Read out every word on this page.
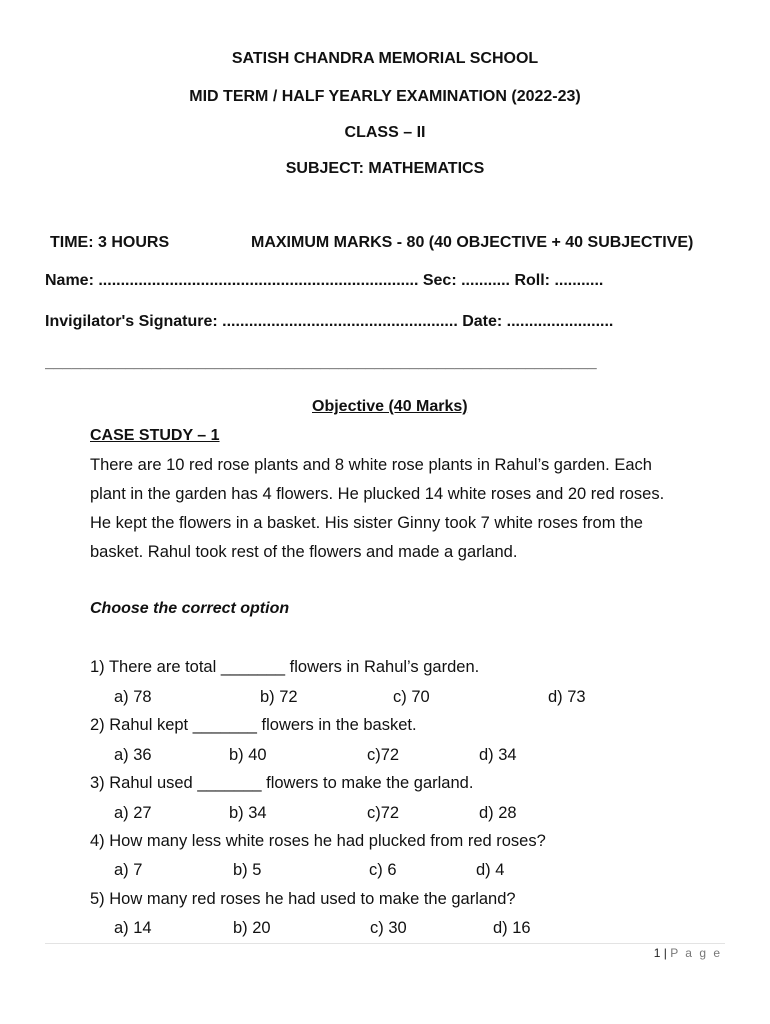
SATISH CHANDRA MEMORIAL SCHOOL
MID TERM / HALF YEARLY EXAMINATION (2022-23)
CLASS – II
SUBJECT: MATHEMATICS
TIME: 3 HOURS	MAXIMUM MARKS - 80 (40 OBJECTIVE + 40 SUBJECTIVE)
Name: ........................................................................ Sec: ........... Roll: ...........
Invigilator's Signature: ..................................................... Date: ........................
______________________________________________________________
Objective (40 Marks)
CASE STUDY – 1
There are 10 red rose plants and 8 white rose plants in Rahul’s garden. Each
plant in the garden has 4 flowers. He plucked 14 white roses and 20 red roses.
He kept the flowers in a basket. His sister Ginny took 7 white roses from the
basket. Rahul took rest of the flowers and made a garland.
Choose the correct option
1) There are total _______ flowers in Rahul’s garden.
a) 78	b) 72	c) 70	d) 73
2) Rahul kept _______ flowers in the basket.
a) 36	b) 40	c)72	d) 34
3) Rahul used _______ flowers to make the garland.
a) 27	b) 34	c)72	d) 28
4) How many less white roses he had plucked from red roses?
a) 7	b) 5	c) 6	d) 4
5) How many red roses he had used to make the garland?
a) 14	b) 20	c) 30	d) 16
1 | P a g e
